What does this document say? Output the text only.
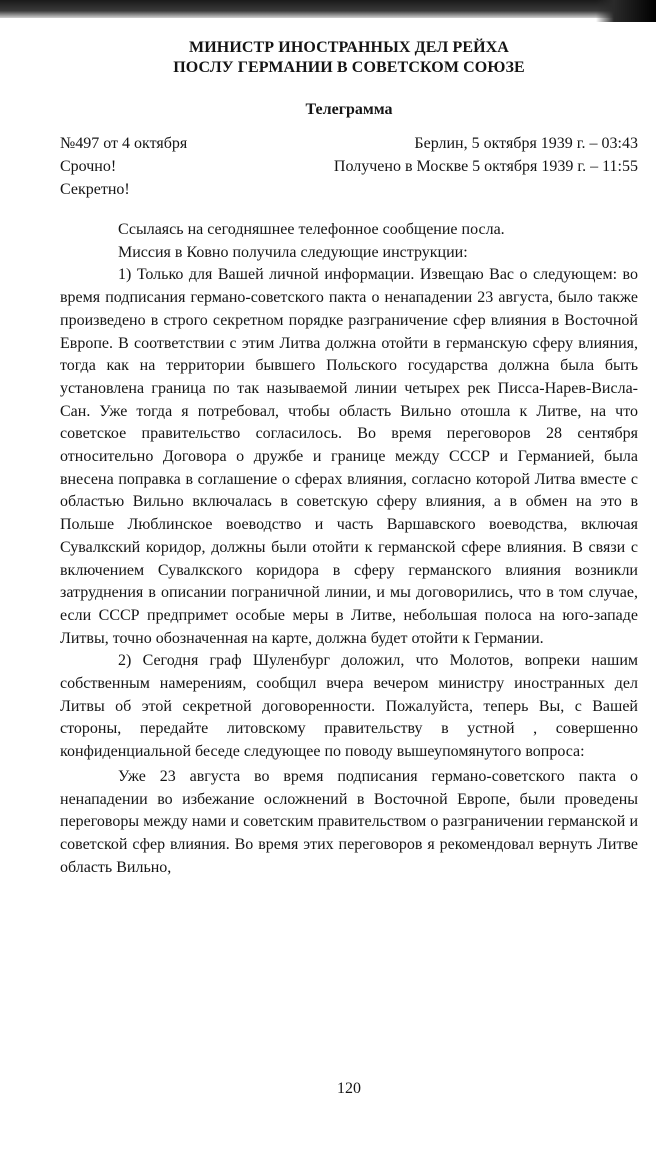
МИНИСТР ИНОСТРАННЫХ ДЕЛ РЕЙХА
ПОСЛУ ГЕРМАНИИ В СОВЕТСКОМ СОЮЗЕ
Телеграмма
№497 от 4 октября	Берлин, 5 октября 1939 г. – 03:43
Срочно!	Получено в Москве 5 октября 1939 г. – 11:55
Секретно!

Ссылаясь на сегодняшнее телефонное сообщение посла.

Миссия в Ковно получила следующие инструкции:

1) Только для Вашей личной информации. Извещаю Вас о следующем: во время подписания германо-советского пакта о ненападении 23 августа, было также произведено в строго секретном порядке разграничение сфер влияния в Восточной Европе. В соответствии с этим Литва должна отойти в германскую сферу влияния, тогда как на территории бывшего Польского государства должна была быть установлена граница по так называемой линии четырех рек Писса-Нарев-Висла-Сан. Уже тогда я потребовал, чтобы область Вильно отошла к Литве, на что советское правительство согласилось. Во время переговоров 28 сентября относительно Договора о дружбе и границе между СССР и Германией, была внесена поправка в соглашение о сферах влияния, согласно которой Литва вместе с областью Вильно включалась в советскую сферу влияния, а в обмен на это в Польше Люблинское воеводство и часть Варшавского воеводства, включая Сувалкский коридор, должны были отойти к германской сфере влияния. В связи с включением Сувалкского коридора в сферу германского влияния возникли затруднения в описании пограничной линии, и мы договорились, что в том случае, если СССР предпримет особые меры в Литве, небольшая полоса на юго-западе Литвы, точно обозначенная на карте, должна будет отойти к Германии.

2) Сегодня граф Шуленбург доложил, что Молотов, вопреки нашим собственным намерениям, сообщил вчера вечером министру иностранных дел Литвы об этой секретной договоренности. Пожалуйста, теперь Вы, с Вашей стороны, передайте литовскому правительству в устной , совершенно конфиденциальной беседе следующее по поводу вышеупомянутого вопроса:

Уже 23 августа во время подписания германо-советского пакта о ненападении во избежание осложнений в Восточной Европе, были проведены переговоры между нами и советским правительством о разграничении германской и советской сфер влияния. Во время этих переговоров я рекомендовал вернуть Литве область Вильно,

120
